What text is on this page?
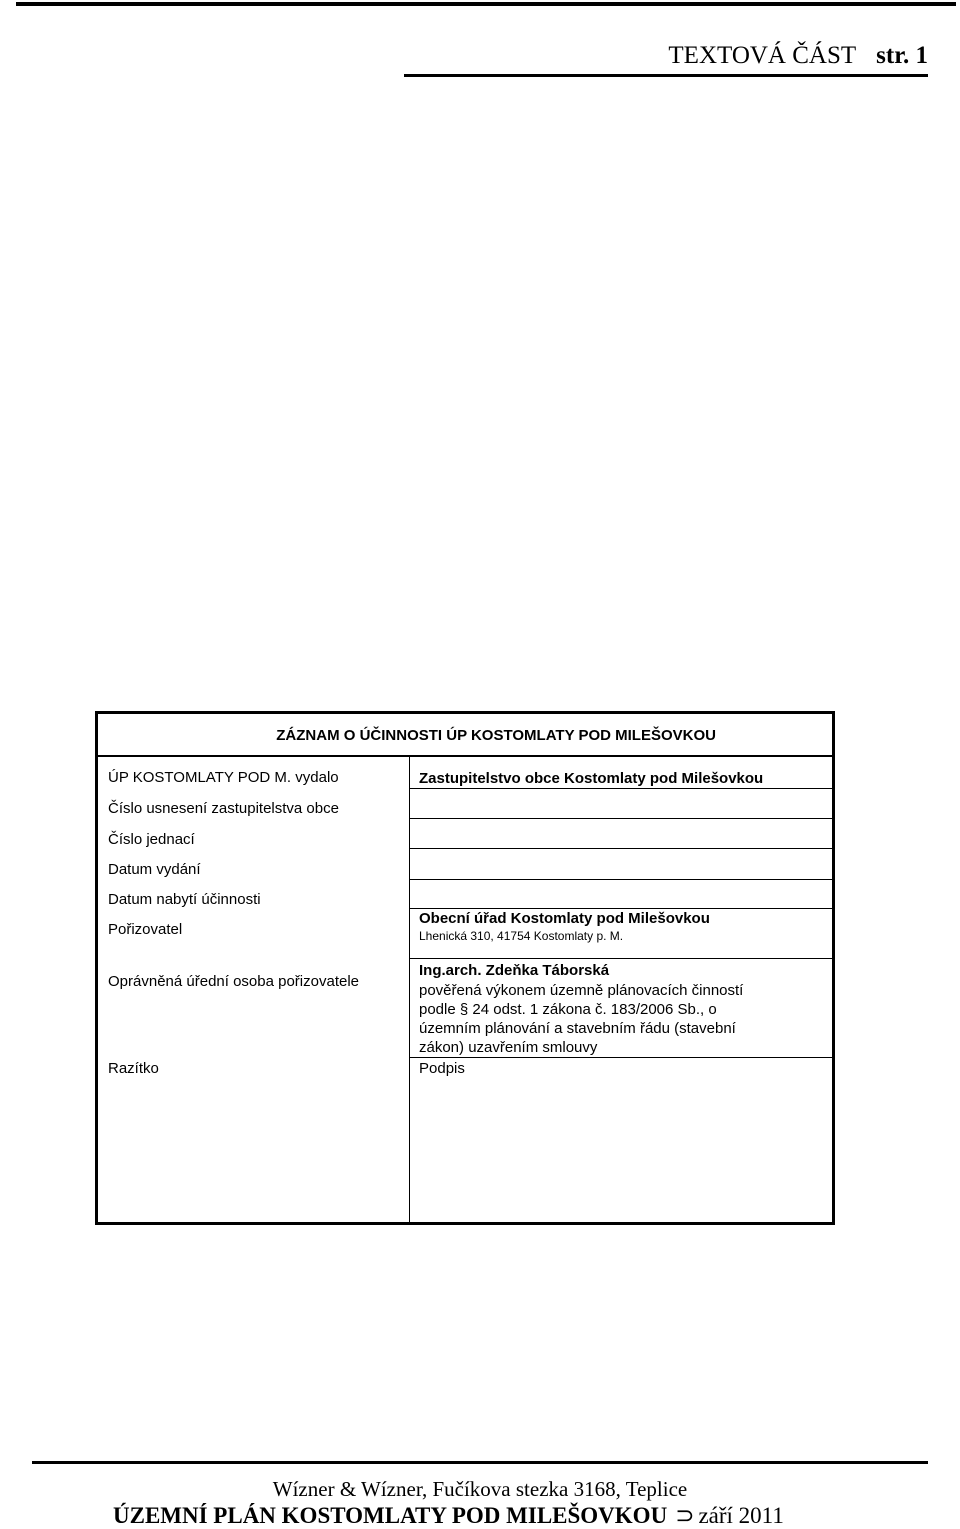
TEXTOVÁ ČÁST str. 1
ZÁZNAM O ÚČINNOSTI ÚP KOSTOMLATY POD MILEŠOVKOU
ÚP KOSTOMLATY POD M. vydalo
Číslo usnesení zastupitelstva obce
Číslo jednací
Datum vydání
Datum nabytí účinnosti
Pořizovatel
Oprávněná úřední osoba pořizovatele
Razítko
Zastupitelstvo obce Kostomlaty pod Milešovkou
Obecní úřad Kostomlaty pod Milešovkou
Lhenická 310, 41754 Kostomlaty p. M.
Ing.arch. Zdeňka Táborská
pověřená výkonem územně plánovacích činností
podle § 24 odst. 1 zákona č. 183/2006 Sb., o
územním plánování a stavebním řádu (stavební
zákon) uzavřením smlouvy
Podpis
Wízner & Wízner, Fučíkova stezka 3168, Teplice
ÚZEMNÍ PLÁN KOSTOMLATY POD MILEŠOVKOU ⊃ září 2011
